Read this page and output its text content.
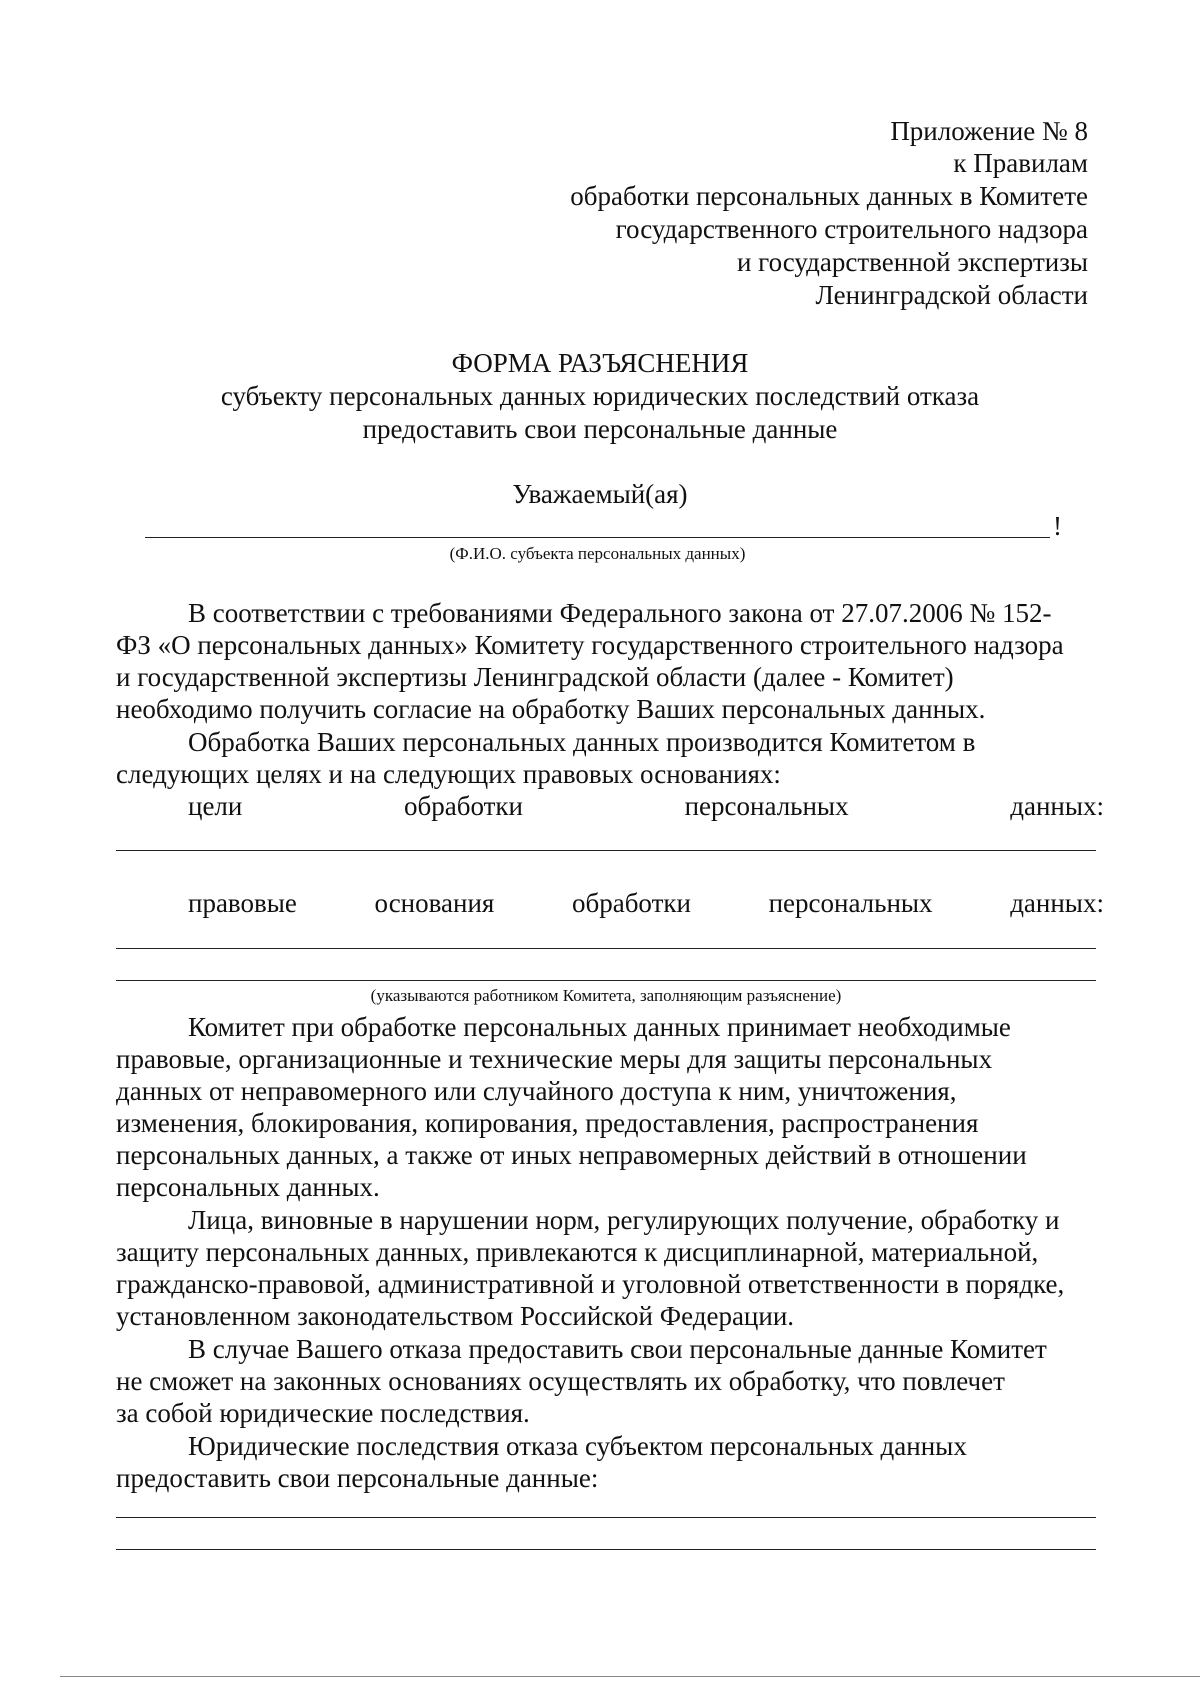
Приложение № 8
к Правилам
обработки персональных данных в Комитете
государственного строительного надзора
и государственной экспертизы
Ленинградской области
ФОРМА РАЗЪЯСНЕНИЯ
субъекту персональных данных юридических последствий отказа
предоставить свои персональные данные
Уважаемый(ая)
!
(Ф.И.О. субъекта персональных данных)
В соответствии с требованиями Федерального закона от 27.07.2006 № 152-
ФЗ «О персональных данных» Комитету государственного строительного надзора
и государственной экспертизы Ленинградской области (далее - Комитет)
необходимо получить согласие на обработку Ваших персональных данных.
Обработка Ваших персональных данных производится Комитетом в
следующих целях и на следующих правовых основаниях:
цели	обработки	персональных	данных:
правовые	основания	обработки	персональных	данных:
(указываются работником Комитета, заполняющим разъяснение)
Комитет при обработке персональных данных принимает необходимые
правовые, организационные и технические меры для защиты персональных
данных от неправомерного или случайного доступа к ним, уничтожения,
изменения, блокирования, копирования, предоставления, распространения
персональных данных, а также от иных неправомерных действий в отношении
персональных данных.
Лица, виновные в нарушении норм, регулирующих получение, обработку и
защиту персональных данных, привлекаются к дисциплинарной, материальной,
гражданско-правовой, административной и уголовной ответственности в порядке,
установленном законодательством Российской Федерации.
В случае Вашего отказа предоставить свои персональные данные Комитет
не сможет на законных основаниях осуществлять их обработку, что повлечет
за собой юридические последствия.
Юридические последствия отказа субъектом персональных данных
предоставить свои персональные данные:
